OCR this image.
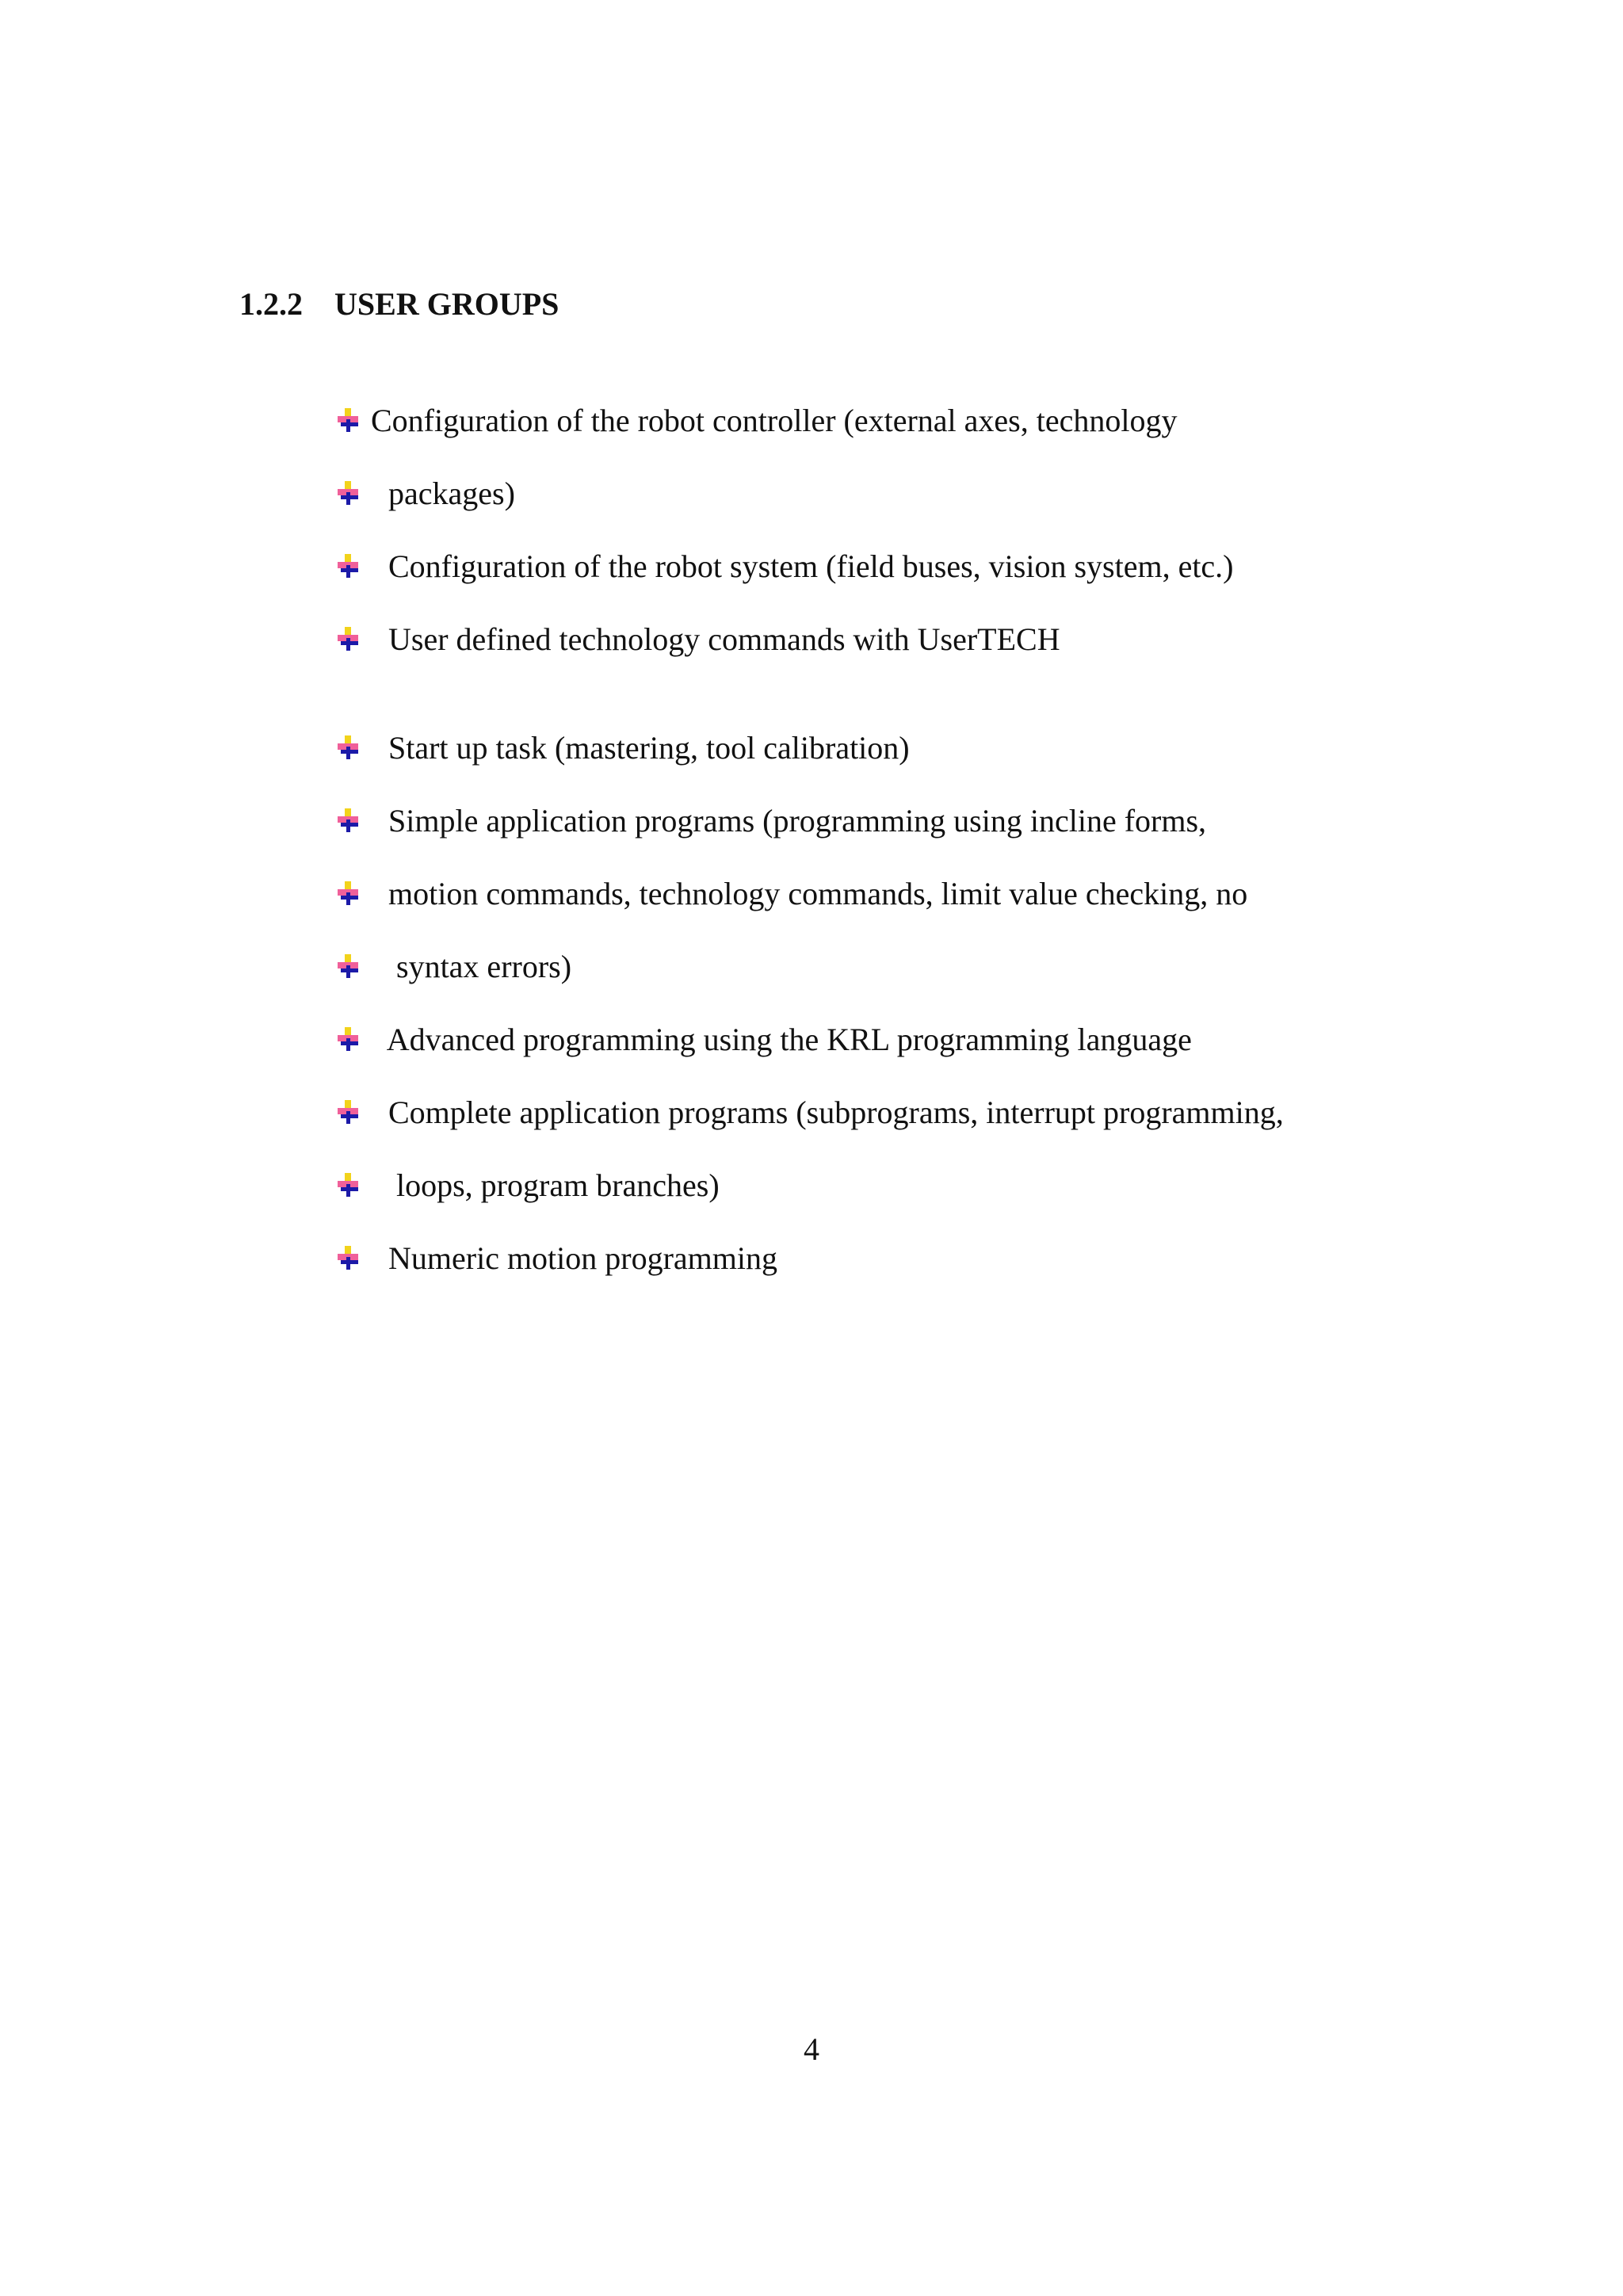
1.2.2 USER GROUPS
Configuration of the robot controller (external axes, technology
packages)
Configuration of the robot system (field buses, vision system, etc.)
User defined technology commands with UserTECH
Start up task (mastering, tool calibration)
Simple application programs (programming using incline forms,
motion commands, technology commands, limit value checking, no
syntax errors)
Advanced programming using the KRL programming language
Complete application programs (subprograms, interrupt programming,
loops, program branches)
Numeric motion programming
4
